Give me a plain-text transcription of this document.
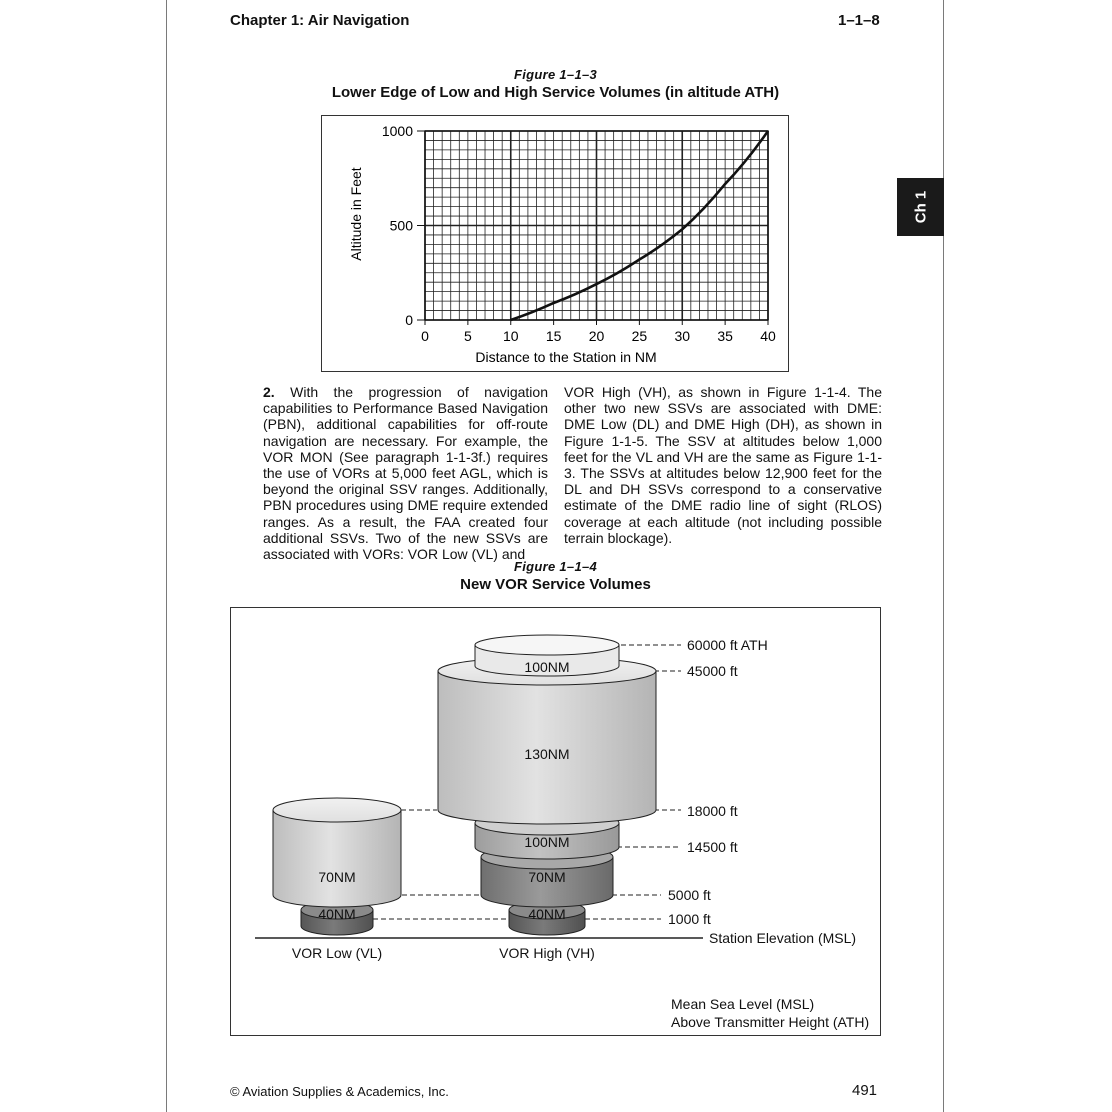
Chapter 1: Air Navigation	1–1–8
Ch 1
Figure 1–1–3
Lower Edge of Low and High Service Volumes (in altitude ATH)
0	5 10 15 20 25 30 35 40
0
500
1000
Distance to the Station in NM
Altitude in Feet

2. With the progression of navigation capabilities to Performance Based Navigation (PBN), additional capabilities for off-route navigation are necessary. For example, the VOR MON (See paragraph 1-1-3f.) requires the use of VORs at 5,000 feet AGL, which is beyond the original SSV ranges. Additionally, PBN procedures using DME require extended ranges. As a result, the FAA created four additional SSVs. Two of the new SSVs are associated with VORs: VOR Low (VL) and

VOR High (VH), as shown in Figure 1-1-4. The other two new SSVs are associated with DME: DME Low (DL) and DME High (DH), as shown in Figure 1-1-5. The SSV at altitudes below 1,000 feet for the VL and VH are the same as Figure 1-1-3. The SSVs at altitudes below 12,900 feet for the DL and DH SSVs correspond to a conservative estimate of the DME radio line of sight (RLOS) coverage at each altitude (not including possible terrain blockage).

Figure 1–1–4
New VOR Service Volumes
100NM
130NM
100NM
70NM
40NM
70NM
40NM
60000 ft ATH
45000 ft
18000 ft
14500 ft
5000 ft
1000 ft
Station Elevation (MSL)
VOR Low (VL)	VOR High (VH)
Mean Sea Level (MSL)
Above Transmitter Height (ATH)
© Aviation Supplies & Academics, Inc.	491
